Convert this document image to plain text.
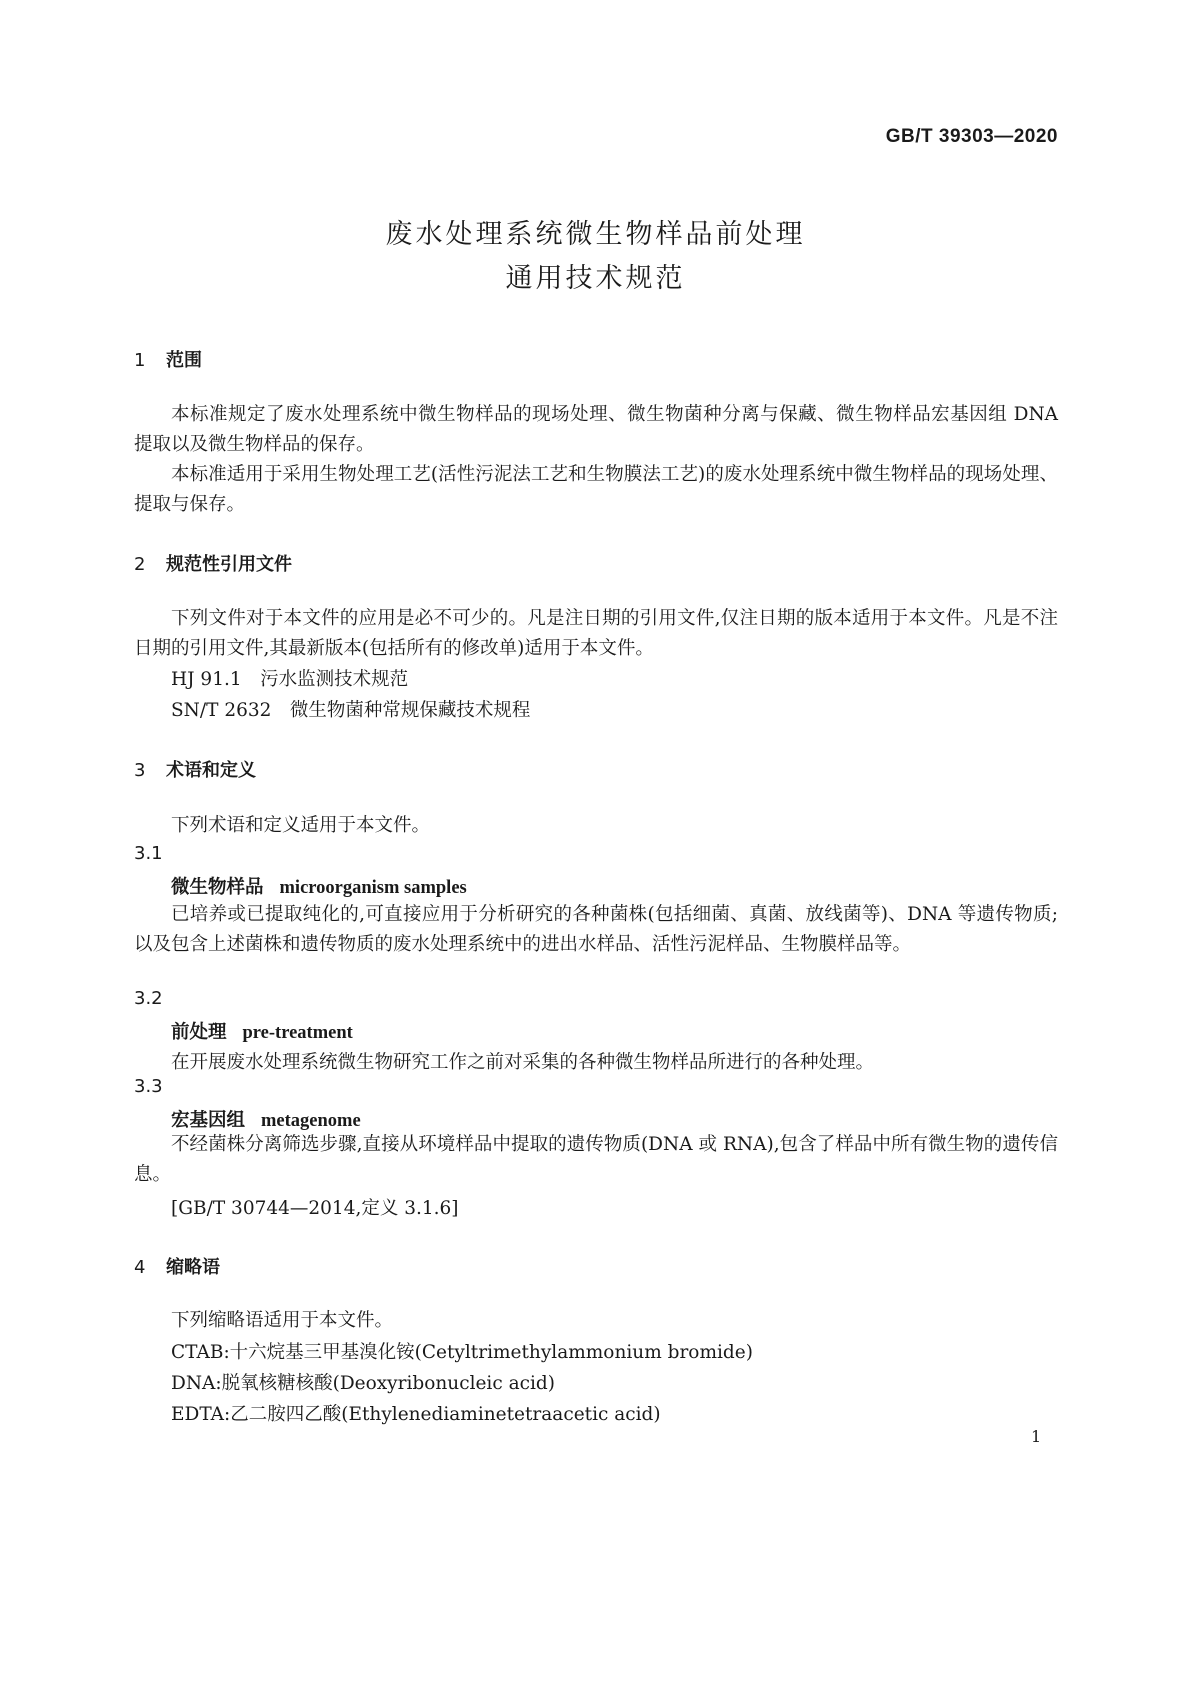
GB/T 39303—2020
废水处理系统微生物样品前处理
通用技术规范
1 范围
本标准规定了废水处理系统中微生物样品的现场处理、微生物菌种分离与保藏、微生物样品宏基因组 DNA 提取以及微生物样品的保存。
本标准适用于采用生物处理工艺(活性污泥法工艺和生物膜法工艺)的废水处理系统中微生物样品的现场处理、提取与保存。
2 规范性引用文件
下列文件对于本文件的应用是必不可少的。凡是注日期的引用文件,仅注日期的版本适用于本文件。凡是不注日期的引用文件,其最新版本(包括所有的修改单)适用于本文件。
HJ 91.1　污水监测技术规范
SN/T 2632　微生物菌种常规保藏技术规程
3 术语和定义
下列术语和定义适用于本文件。
3.1
微生物样品 microorganism samples
已培养或已提取纯化的,可直接应用于分析研究的各种菌株(包括细菌、真菌、放线菌等)、DNA 等遗传物质;以及包含上述菌株和遗传物质的废水处理系统中的进出水样品、活性污泥样品、生物膜样品等。
3.2
前处理 pre-treatment
在开展废水处理系统微生物研究工作之前对采集的各种微生物样品所进行的各种处理。
3.3
宏基因组 metagenome
不经菌株分离筛选步骤,直接从环境样品中提取的遗传物质(DNA 或 RNA),包含了样品中所有微生物的遗传信息。
[GB/T 30744—2014,定义 3.1.6]
4 缩略语
下列缩略语适用于本文件。
CTAB:十六烷基三甲基溴化铵(Cetyltrimethylammonium bromide)
DNA:脱氧核糖核酸(Deoxyribonucleic acid)
EDTA:乙二胺四乙酸(Ethylenediaminetetraacetic acid)
1
